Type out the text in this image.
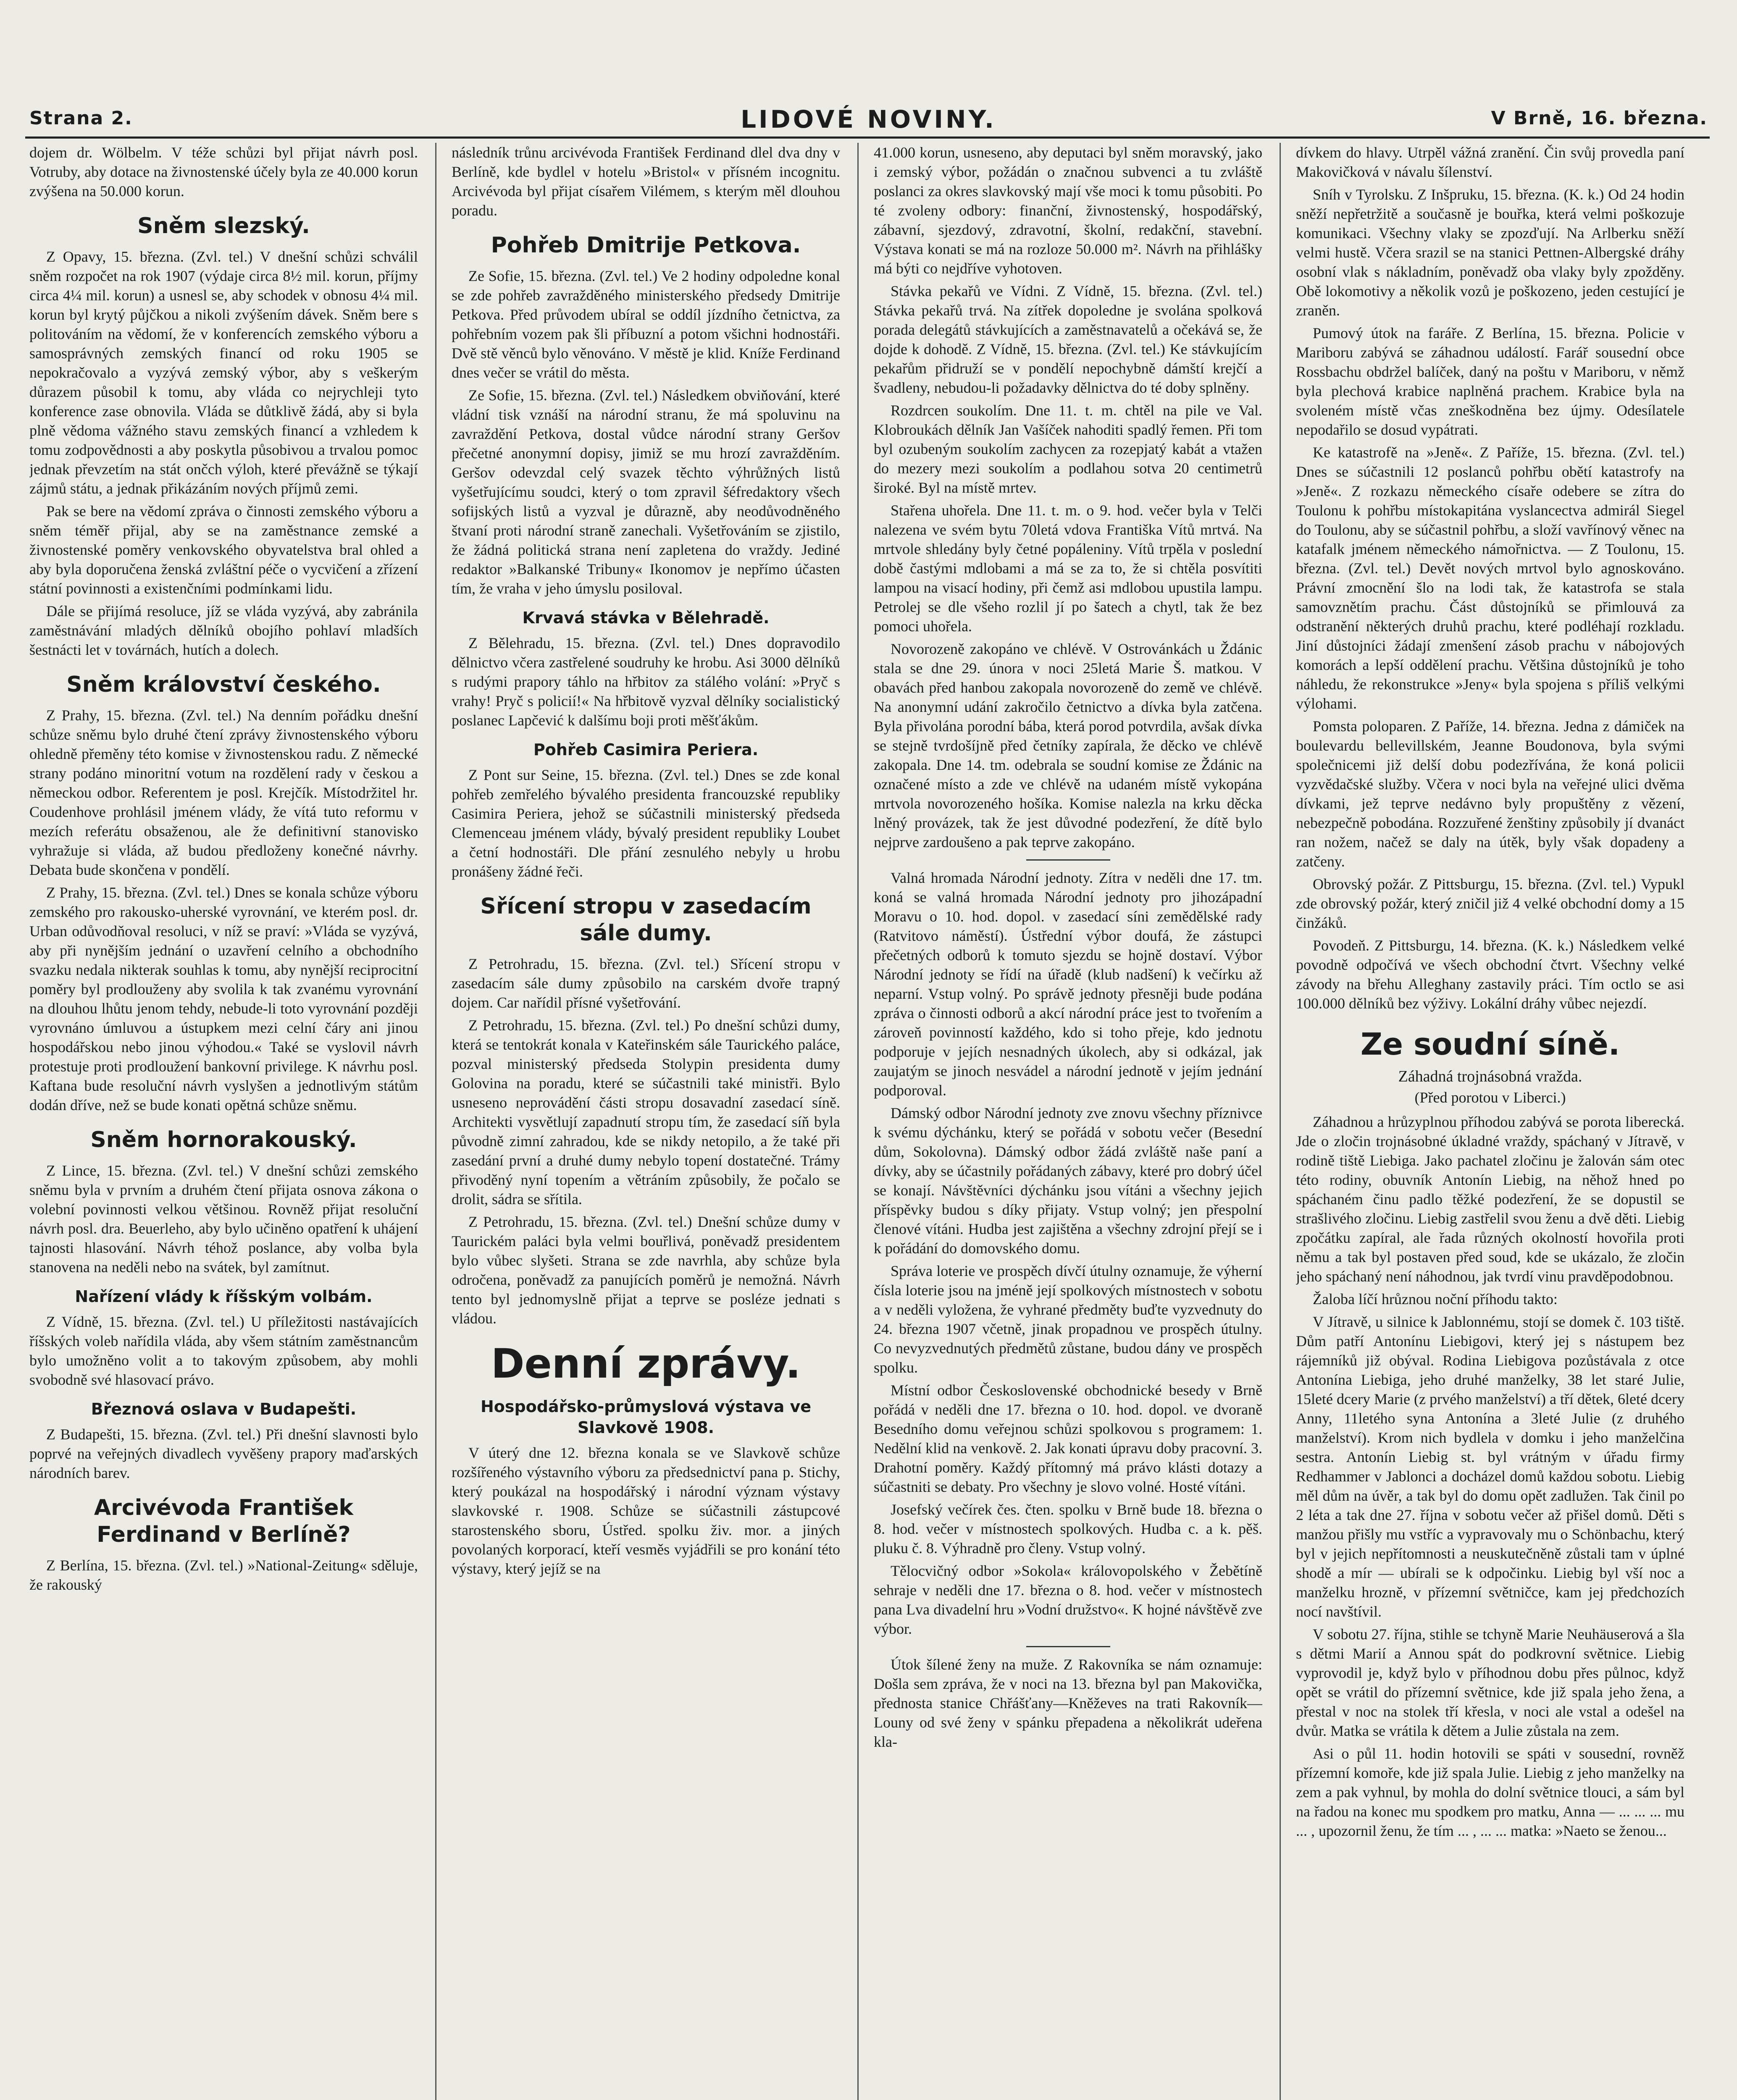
Strana 2.	LIDOVÉ NOVINY.	V Brně, 16. března.

dojem dr. Wölbelm. V téže schůzi byl přijat návrh posl. Votruby, aby dotace na živnostenské účely byla ze 40.000 korun zvýšena na 50.000 korun.

Sněm slezský.

Z Opavy, 15. března. (Zvl. tel.) V dnešní schůzi schválil sněm rozpočet na rok 1907 (výdaje circa 8½ mil. korun, příjmy circa 4¼ mil. korun) a usnesl se, aby schodek v obnosu 4¼ mil. korun byl krytý půjčkou a nikoli zvýšením dávek. Sněm bere s politováním na vědomí, že v konferencích zemského výboru a samosprávných zemských financí od roku 1905 se nepokračovalo a vyzývá zemský výbor, aby s veškerým důrazem působil k tomu, aby vláda co nejrychleji tyto konference zase obnovila. Vláda se důtklivě žádá, aby si byla plně vědoma vážného stavu zemských financí a vzhledem k tomu zodpovědnosti a aby poskytla působivou a trvalou pomoc jednak převzetím na stát ončch výloh, které převážně se týkají zájmů státu, a jednak přikázáním nových příjmů zemi.

Pak se bere na vědomí zpráva o činnosti zemského výboru a sněm téměř přijal, aby se na zaměstnance zemské a živnostenské poměry venkovského obyvatelstva bral ohled a aby byla doporučena ženská zvláštní péče o vycvičení a zřízení státní povinnosti a existenčními podmínkami lidu.

Dále se přijímá resoluce, jíž se vláda vyzývá, aby zabránila zaměstnávání mladých dělníků obojího pohlaví mladších šestnácti let v továrnách, hutích a dolech.

Sněm království českého.

Z Prahy, 15. března. (Zvl. tel.) Na denním pořádku dnešní schůze sněmu bylo druhé čtení zprávy živnostenského výboru ohledně přeměny této komise v živnostenskou radu. Z německé strany podáno minoritní votum na rozdělení rady v českou a německou odbor. Referentem je posl. Krejčík. Místodržitel hr. Coudenhove prohlásil jménem vlády, že vítá tuto reformu v mezích referátu obsaženou, ale že definitivní stanovisko vyhražuje si vláda, až budou předloženy konečné návrhy. Debata bude skončena v pondělí.

Z Prahy, 15. března. (Zvl. tel.) Dnes se konala schůze výboru zemského pro rakousko-uherské vyrovnání, ve kterém posl. dr. Urban odůvodňoval resoluci, v níž se praví: »Vláda se vyzývá, aby při nynějším jednání o uzavření celního a obchodního svazku nedala nikterak souhlas k tomu, aby nynější reciprocitní poměry byl prodlouženy aby svolila k tak zvanému vyrovnání na dlouhou lhůtu jenom tehdy, nebude-li toto vyrovnání později vyrovnáno úmluvou a ústupkem mezi celní čáry ani jinou hospodářskou nebo jinou výhodou.« Také se vyslovil návrh protestuje proti prodloužení bankovní privilege. K návrhu posl. Kaftana bude resoluční návrh vyslyšen a jednotlivým státům dodán dříve, než se bude konati opětná schůze sněmu.

Sněm hornorakouský.

Z Lince, 15. března. (Zvl. tel.) V dnešní schůzi zemského sněmu byla v prvním a druhém čtení přijata osnova zákona o volební povinnosti velkou většinou. Rovněž přijat resoluční návrh posl. dra. Beuerleho, aby bylo učiněno opatření k uhájení tajnosti hlasování. Návrh téhož poslance, aby volba byla stanovena na neděli nebo na svátek, byl zamítnut.

Nařízení vlády k říšským volbám.

Z Vídně, 15. března. (Zvl. tel.) U příležitosti nastávajících říšských voleb nařídila vláda, aby všem státním zaměstnancům bylo umožněno volit a to takovým způsobem, aby mohli svobodně své hlasovací právo.

Březnová oslava v Budapešti.

Z Budapešti, 15. března. (Zvl. tel.) Při dnešní slavnosti bylo poprvé na veřejných divadlech vyvěšeny prapory maďarských národních barev.

Arcivévoda František Ferdinand v Berlíně?

Z Berlína, 15. března. (Zvl. tel.) »National-Zeitung« sděluje, že rakouský

následník trůnu arcivévoda František Ferdinand dlel dva dny v Berlíně, kde bydlel v hotelu »Bristol« v přísném incognitu. Arcivévoda byl přijat císařem Vilémem, s kterým měl dlouhou poradu.

Pohřeb Dmitrije Petkova.

Ze Sofie, 15. března. (Zvl. tel.) Ve 2 hodiny odpoledne konal se zde pohřeb zavražděného ministerského předsedy Dmitrije Petkova. Před průvodem ubíral se oddíl jízdního četnictva, za pohřebním vozem pak šli příbuzní a potom všichni hodnostáři. Dvě stě věnců bylo věnováno. V městě je klid. Kníže Ferdinand dnes večer se vrátil do města.

Ze Sofie, 15. března. (Zvl. tel.) Následkem obviňování, které vládní tisk vznáší na národní stranu, že má spoluvinu na zavraždění Petkova, dostal vůdce národní strany Geršov přečetné anonymní dopisy, jimiž se mu hrozí zavražděním. Geršov odevzdal celý svazek těchto výhrůžných listů vyšetřujícímu soudci, který o tom zpravil šéfredaktory všech sofijských listů a vyzval je důrazně, aby neodůvodněného štvaní proti národní straně zanechali. Vyšetřováním se zjistilo, že žádná politická strana není zapletena do vraždy. Jediné redaktor »Balkanské Tribuny« Ikonomov je nepřímo účasten tím, že vraha v jeho úmyslu posiloval.

Krvavá stávka v Bělehradě.

Z Bělehradu, 15. března. (Zvl. tel.) Dnes dopravodilo dělnictvo včera zastřelené soudruhy ke hrobu. Asi 3000 dělníků s rudými prapory táhlo na hřbitov za stálého volání: »Pryč s vrahy! Pryč s policií!« Na hřbitově vyzval dělníky socialistický poslanec Lapčević k dalšímu boji proti měšťákům.

Pohřeb Casimira Periera.

Z Pont sur Seine, 15. března. (Zvl. tel.) Dnes se zde konal pohřeb zemřelého bývalého presidenta francouzské republiky Casimira Periera, jehož se súčastnili ministerský předseda Clemenceau jménem vlády, bývalý president republiky Loubet a četní hodnostáři. Dle přání zesnulého nebyly u hrobu pronášeny žádné řeči.

Sřícení stropu v zasedacím sále dumy.

Z Petrohradu, 15. března. (Zvl. tel.) Sřícení stropu v zasedacím sále dumy způsobilo na carském dvoře trapný dojem. Car nařídil přísné vyšetřování.

Z Petrohradu, 15. března. (Zvl. tel.) Po dnešní schůzi dumy, která se tentokrát konala v Kateřinském sále Taurického paláce, pozval ministerský předseda Stolypin presidenta dumy Golovina na poradu, které se súčastnili také ministři. Bylo usneseno neprovádění části stropu dosavadní zasedací síně. Architekti vysvětlují zapadnutí stropu tím, že zasedací síň byla původně zimní zahradou, kde se nikdy netopilo, a že také při zasedání první a druhé dumy nebylo topení dostatečné. Trámy přivoděný nyní topením a větráním způsobily, že počalo se drolit, sádra se sřítila.

Z Petrohradu, 15. března. (Zvl. tel.) Dnešní schůze dumy v Taurickém paláci byla velmi bouřlivá, poněvadž presidentem bylo vůbec slyšeti. Strana se zde navrhla, aby schůze byla odročena, poněvadž za panujících poměrů je nemožná. Návrh tento byl jednomyslně přijat a teprve se posléze jednati s vládou.

Denní zprávy.
Hospodářsko-průmyslová výstava ve Slavkově 1908.

V úterý dne 12. března konala se ve Slavkově schůze rozšířeného výstavního výboru za předsednictví pana p. Stichy, který poukázal na hospodářský i národní význam výstavy slavkovské r. 1908. Schůze se súčastnili zástupcové starostenského sboru, Ústřed. spolku živ. mor. a jiných povolaných korporací, kteří vesměs vyjádřili se pro konání této výstavy, který jejíž se na

41.000 korun, usneseno, aby deputaci byl sněm moravský, jako i zemský výbor, požádán o značnou subvenci a tu zvláště poslanci za okres slavkovský mají vše moci k tomu působiti. Po té zvoleny odbory: finanční, živnostenský, hospodářský, zábavní, sjezdový, zdravotní, školní, redakční, stavební. Výstava konati se má na rozloze 50.000 m². Návrh na přihlášky má býti co nejdříve vyhotoven.

Stávka pekařů ve Vídni. Z Vídně, 15. března. (Zvl. tel.) Stávka pekařů trvá. Na zítřek dopoledne je svolána spolková porada delegátů stávkujících a zaměstnavatelů a očekává se, že dojde k dohodě. Z Vídně, 15. března. (Zvl. tel.) Ke stávkujícím pekařům přidruží se v pondělí nepochybně dámští krejčí a švadleny, nebudou-li požadavky dělnictva do té doby splněny.

Rozdrcen soukolím. Dne 11. t. m. chtěl na pile ve Val. Klobroukách dělník Jan Vašíček nahoditi spadlý řemen. Při tom byl ozubeným soukolím zachycen za rozepjatý kabát a vtažen do mezery mezi soukolím a podlahou sotva 20 centimetrů široké. Byl na místě mrtev.

Stařena uhořela. Dne 11. t. m. o 9. hod. večer byla v Telči nalezena ve svém bytu 70letá vdova Františka Vítů mrtvá. Na mrtvole shledány byly četné popáleniny. Vítů trpěla v poslední době častými mdlobami a má se za to, že si chtěla posvítiti lampou na visací hodiny, při čemž asi mdlobou upustila lampu. Petrolej se dle všeho rozlil jí po šatech a chytl, tak že bez pomoci uhořela.

Novorozeně zakopáno ve chlévě. V Ostrovánkách u Ždánic stala se dne 29. února v noci 25letá Marie Š. matkou. V obavách před hanbou zakopala novorozeně do země ve chlévě. Na anonymní udání zakročilo četnictvo a dívka byla zatčena. Byla přivolána porodní bába, která porod potvrdila, avšak dívka se stejně tvrdošíjně před četníky zapírala, že děcko ve chlévě zakopala. Dne 14. tm. odebrala se soudní komise ze Ždánic na označené místo a zde ve chlévě na udaném místě vykopána mrtvola novorozeného hošíka. Komise nalezla na krku děcka lněný provázek, tak že jest důvodné podezření, že dítě bylo nejprve zardoušeno a pak teprve zakopáno.

Valná hromada Národní jednoty. Zítra v neděli dne 17. tm. koná se valná hromada Národní jednoty pro jihozápadní Moravu o 10. hod. dopol. v zasedací síni zemědělské rady (Ratvitovo náměstí). Ústřední výbor doufá, že zástupci přečetných odborů k tomuto sjezdu se hojně dostaví. Výbor Národní jednoty se řídí na úřadě (klub nadšení) k večírku až neparní. Vstup volný. Po správě jednoty přesněji bude podána zpráva o činnosti odborů a akcí národní práce jest to tvořením a zároveň povinností každého, kdo si toho přeje, kdo jednotu podporuje v jejích nesnadných úkolech, aby si odkázal, jak zaujatým se jinoch nesvádel a národní jednotě v jejím jednání podporoval.

Dámský odbor Národní jednoty zve znovu všechny příznivce k svému dýchánku, který se pořádá v sobotu večer (Besední dům, Sokolovna). Dámský odbor žádá zvláště naše paní a dívky, aby se účastnily pořádaných zábavy, které pro dobrý účel se konají. Návštěvníci dýchánku jsou vítáni a všechny jejich příspěvky budou s díky přijaty. Vstup volný; jen přespolní členové vítáni. Hudba jest zajištěna a všechny zdrojní přejí se i k pořádání do domovského domu.

Správa loterie ve prospěch dívčí útulny oznamuje, že výherní čísla loterie jsou na jméně její spolkových místnostech v sobotu a v neděli vyložena, že vyhrané předměty buďte vyzvednuty do 24. března 1907 včetně, jinak propadnou ve prospěch útulny. Co nevyzvednutých předmětů zůstane, budou dány ve prospěch spolku.

Místní odbor Československé obchodnické besedy v Brně pořádá v neděli dne 17. března o 10. hod. dopol. ve dvoraně Besedního domu veřejnou schůzi spolkovou s programem: 1. Nedělní klid na venkově. 2. Jak konati úpravu doby pracovní. 3. Drahotní poměry. Každý přítomný má právo klásti dotazy a súčastniti se debaty. Pro všechny je slovo volné. Hosté vítáni.

Josefský večírek čes. čten. spolku v Brně bude 18. března o 8. hod. večer v místnostech spolkových. Hudba c. a k. pěš. pluku č. 8. Výhradně pro členy. Vstup volný.

Tělocvičný odbor »Sokola« královopolského v Žebětíně sehraje v neděli dne 17. března o 8. hod. večer v místnostech pana Lva divadelní hru »Vodní družstvo«. K hojné návštěvě zve výbor.

Útok šílené ženy na muže. Z Rakovníka se nám oznamuje: Došla sem zpráva, že v noci na 13. března byl pan Makovička, přednosta stanice Chřášťany—Kněževes na trati Rakovník—Louny od své ženy v spánku přepadena a několikrát udeřena kla-

dívkem do hlavy. Utrpěl vážná zranění. Čin svůj provedla paní Makovičková v návalu šílenství.

Sníh v Tyrolsku. Z Inšpruku, 15. března. (K. k.) Od 24 hodin sněží nepřetržitě a současně je bouřka, která velmi poškozuje komunikaci. Všechny vlaky se zpozďují. Na Arlberku sněží velmi hustě. Včera srazil se na stanici Pettnen-Albergské dráhy osobní vlak s nákladním, poněvadž oba vlaky byly zpožděny. Obě lokomotivy a několik vozů je poškozeno, jeden cestující je zraněn.

Pumový útok na faráře. Z Berlína, 15. března. Policie v Mariboru zabývá se záhadnou událostí. Farář sousední obce Rossbachu obdržel balíček, daný na poštu v Mariboru, v němž byla plechová krabice naplněná prachem. Krabice byla na svoleném místě včas zneškodněna bez újmy. Odesílatele nepodařilo se dosud vypátrati.

Ke katastrofě na »Jeně«. Z Paříže, 15. března. (Zvl. tel.) Dnes se súčastnili 12 poslanců pohřbu obětí katastrofy na »Jeně«. Z rozkazu německého císaře odebere se zítra do Toulonu k pohřbu místokapitána vyslancectva admirál Siegel do Toulonu, aby se súčastnil pohřbu, a složí vavřínový věnec na katafalk jménem německého námořnictva. — Z Toulonu, 15. března. (Zvl. tel.) Devět nových mrtvol bylo agnoskováno. Právní zmocnění šlo na lodi tak, že katastrofa se stala samovznětím prachu. Část důstojníků se přimlouvá za odstranění některých druhů prachu, které podléhají rozkladu. Jiní důstojníci žádají zmenšení zásob prachu v nábojových komorách a lepší oddělení prachu. Většina důstojníků je toho náhledu, že rekonstrukce »Jeny« byla spojena s příliš velkými výlohami.

Pomsta poloparen. Z Paříže, 14. března. Jedna z dámiček na boulevardu bellevillském, Jeanne Boudonova, byla svými společnicemi již delší dobu podezřívána, že koná policii vyzvědačské služby. Včera v noci byla na veřejné ulici dvěma dívkami, jež teprve nedávno byly propuštěny z vězení, nebezpečně pobodána. Rozzuřené ženštiny způsobily jí dvanáct ran nožem, načež se daly na útěk, byly však dopadeny a zatčeny.

Obrovský požár. Z Pittsburgu, 15. března. (Zvl. tel.) Vypukl zde obrovský požár, který zničil již 4 velké obchodní domy a 15 činžáků.

Povodeň. Z Pittsburgu, 14. března. (K. k.) Následkem velké povodně odpočívá ve všech obchodní čtvrt. Všechny velké závody na břehu Alleghany zastavily práci. Tím octlo se asi 100.000 dělníků bez výživy. Lokální dráhy vůbec nejezdí.

Ze soudní síně.
Záhadná trojnásobná vražda.
(Před porotou v Liberci.)

Záhadnou a hrůzyplnou příhodou zabývá se porota liberecká. Jde o zločin trojnásobné úkladné vraždy, spáchaný v Jítravě, v rodině tiště Liebiga. Jako pachatel zločinu je žalován sám otec této rodiny, obuvník Antonín Liebig, na něhož hned po spáchaném činu padlo těžké podezření, že se dopustil se strašlivého zločinu. Liebig zastřelil svou ženu a dvě děti. Liebig zpočátku zapíral, ale řada různých okolností hovořila proti němu a tak byl postaven před soud, kde se ukázalo, že zločin jeho spáchaný není náhodnou, jak tvrdí vinu pravděpodobnou.

Žaloba líčí hrůznou noční příhodu takto:

V Jítravě, u silnice k Jablonnému, stojí se domek č. 103 tiště. Dům patří Antonínu Liebigovi, který jej s nástupem bez rájemníků již obýval. Rodina Liebigova pozůstávala z otce Antonína Liebiga, jeho druhé manželky, 38 let staré Julie, 15leté dcery Marie (z prvého manželství) a tří dětek, 6leté dcery Anny, 11letého syna Antonína a 3leté Julie (z druhého manželství). Krom nich bydlela v domku i jeho manželčina sestra. Antonín Liebig st. byl vrátným v úřadu firmy Redhammer v Jablonci a docházel domů každou sobotu. Liebig měl dům na úvěr, a tak byl do domu opět zadlužen. Tak činil po 2 léta a tak dne 27. října v sobotu večer až přišel domů. Děti s manžou přišly mu vstříc a vypravovaly mu o Schönbachu, který byl v jejich nepřítomnosti a neuskutečněně zůstali tam v úplné shodě a mír — ubírali se k odpočinku. Liebig byl vší noc a manželku hrozně, v přízemní světničce, kam jej předchozích nocí navštívil.

V sobotu 27. října, stihle se tchyně Marie Neuhäuserová a šla s dětmi Marií a Annou spát do podkrovní světnice. Liebig vyprovodil je, když bylo v příhodnou dobu přes půlnoc, když opět se vrátil do přízemní světnice, kde již spala jeho žena, a přestal v noc na stolek tří křesla, v noci ale vstal a odešel na dvůr. Matka se vrátila k dětem a Julie zůstala na zem.

Asi o půl 11. hodin hotovili se spáti v sousední, rovněž přízemní komoře, kde již spala Julie. Liebig z jeho manželky na zem a pak vyhnul, by mohla do dolní světnice tlouci, a sám byl na řadou na konec mu spodkem pro matku, Anna — ... ... ... mu ... , upozornil ženu, že tím ... , ... ... matka: »Naeto se ženou...
